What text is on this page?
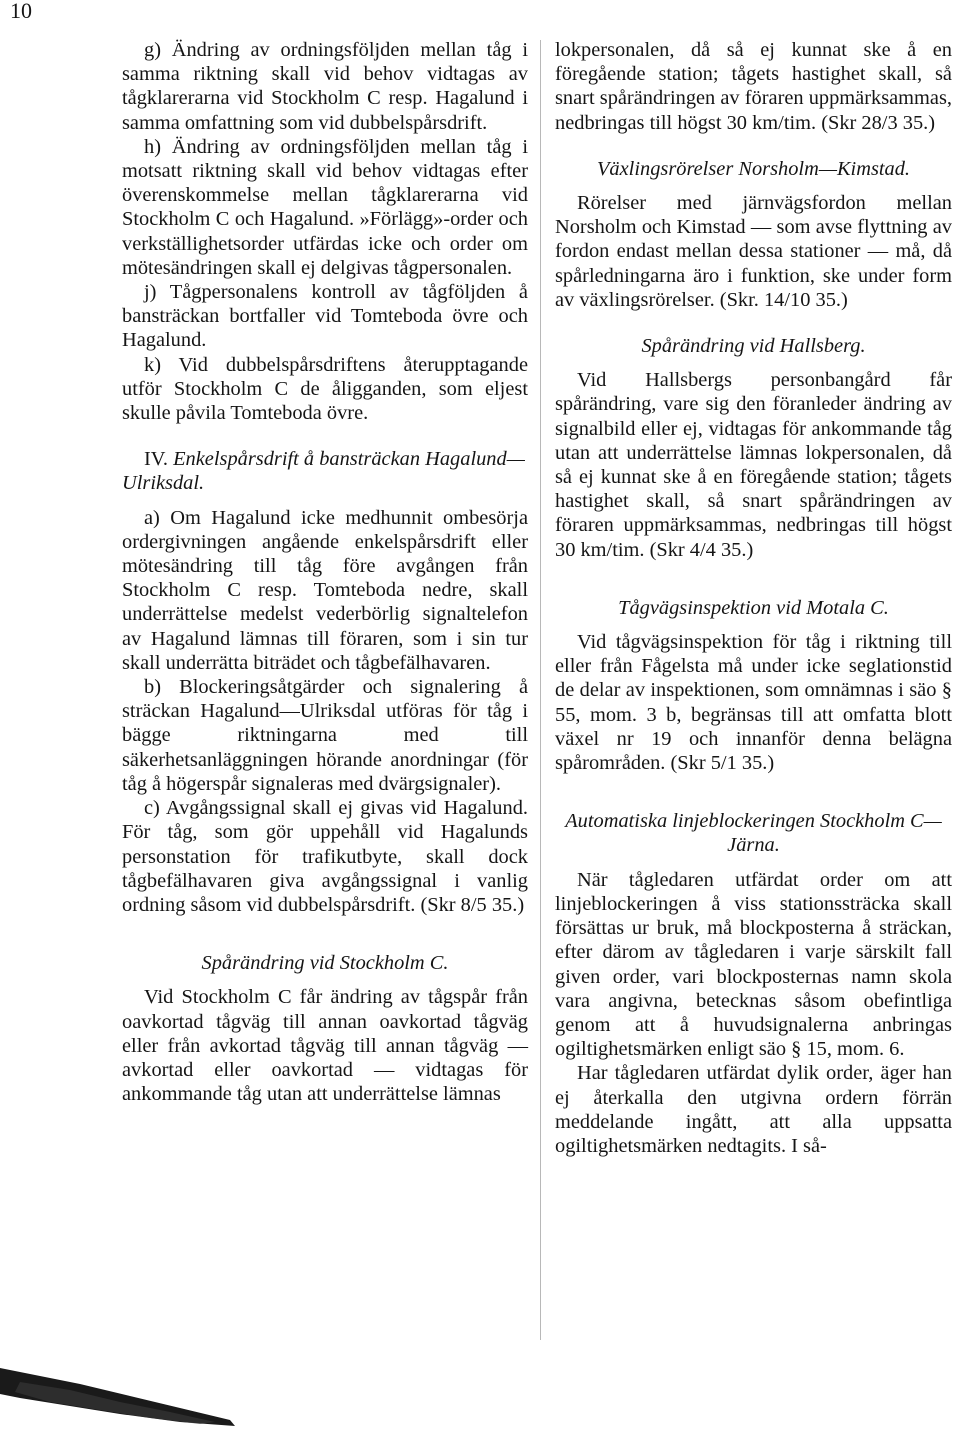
10

g) Ändring av ordningsföljden mellan tåg i samma riktning skall vid behov vidtagas av tågklarerarna vid Stockholm C resp. Hagalund i samma omfattning som vid dubbelspårsdrift.

h) Ändring av ordningsföljden mellan tåg i motsatt riktning skall vid behov vidtagas efter överenskommelse mellan tågklarerarna vid Stockholm C och Hagalund. »Förlägg»-order och verkställighetsorder utfärdas icke och order om mötesändringen skall ej delgivas tågpersonalen.

j) Tågpersonalens kontroll av tågföljden å bansträckan bortfaller vid Tomteboda övre och Hagalund.

k) Vid dubbelspårsdriftens återupptagande utför Stockholm C de åligganden, som eljest skulle påvila Tomteboda övre.

IV. Enkelspårsdrift å bansträckan Hagalund—Ulriksdal.

a) Om Hagalund icke medhunnit ombesörja ordergivningen angående enkelspårsdrift eller mötesändring till tåg före avgången från Stockholm C resp. Tomteboda nedre, skall underrättelse medelst vederbörlig signaltelefon av Hagalund lämnas till föraren, som i sin tur skall underrätta biträdet och tågbefälhavaren.

b) Blockeringsåtgärder och signalering å sträckan Hagalund—Ulriksdal utföras för tåg i bägge riktningarna med till säkerhetsanläggningen hörande anordningar (för tåg å högerspår signaleras med dvärgsignaler).

c) Avgångssignal skall ej givas vid Hagalund. För tåg, som gör uppehåll vid Hagalunds personstation för trafikutbyte, skall dock tågbefälhavaren giva avgångssignal i vanlig ordning såsom vid dubbelspårsdrift. (Skr 8/5 35.)

Spårändring vid Stockholm C.

Vid Stockholm C får ändring av tågspår från oavkortad tågväg till annan oavkortad tågväg eller från avkortad tågväg till annan tågväg — avkortad eller oavkortad — vidtagas för ankommande tåg utan att underrättelse lämnas

lokpersonalen, då så ej kunnat ske å en föregående station; tågets hastighet skall, så snart spårändringen av föraren uppmärksammas, nedbringas till högst 30 km/tim. (Skr 28/3 35.)

Växlingsrörelser Norsholm—Kimstad.

Rörelser med järnvägsfordon mellan Norsholm och Kimstad — som avse flyttning av fordon endast mellan dessa stationer — må, då spårledningarna äro i funktion, ske under form av växlingsrörelser. (Skr. 14/10 35.)

Spårändring vid Hallsberg.

Vid Hallsbergs personbangård får spårändring, vare sig den föranleder ändring av signalbild eller ej, vidtagas för ankommande tåg utan att underrättelse lämnas lokpersonalen, då så ej kunnat ske å en föregående station; tågets hastighet skall, så snart spårändringen av föraren uppmärksammas, nedbringas till högst 30 km/tim. (Skr 4/4 35.)

Tågvägsinspektion vid Motala C.

Vid tågvägsinspektion för tåg i riktning till eller från Fågelsta må under icke seglationstid de delar av inspektionen, som omnämnas i säo § 55, mom. 3 b, begränsas till att omfatta blott växel nr 19 och innanför denna belägna spårområden. (Skr 5/1 35.)

Automatiska linjeblockeringen Stockholm C—Järna.

När tågledaren utfärdat order om att linjeblockeringen å viss stationssträcka skall försättas ur bruk, må blockposterna å sträckan, efter därom av tågledaren i varje särskilt fall given order, vari blockposternas namn skola vara angivna, betecknas såsom obefintliga genom att å huvudsignalerna anbringas ogiltighetsmärken enligt säo § 15, mom. 6.

Har tågledaren utfärdat dylik order, äger han ej återkalla den utgivna ordern förrän meddelande ingått, att alla uppsatta ogiltighetsmärken nedtagits. I så-
